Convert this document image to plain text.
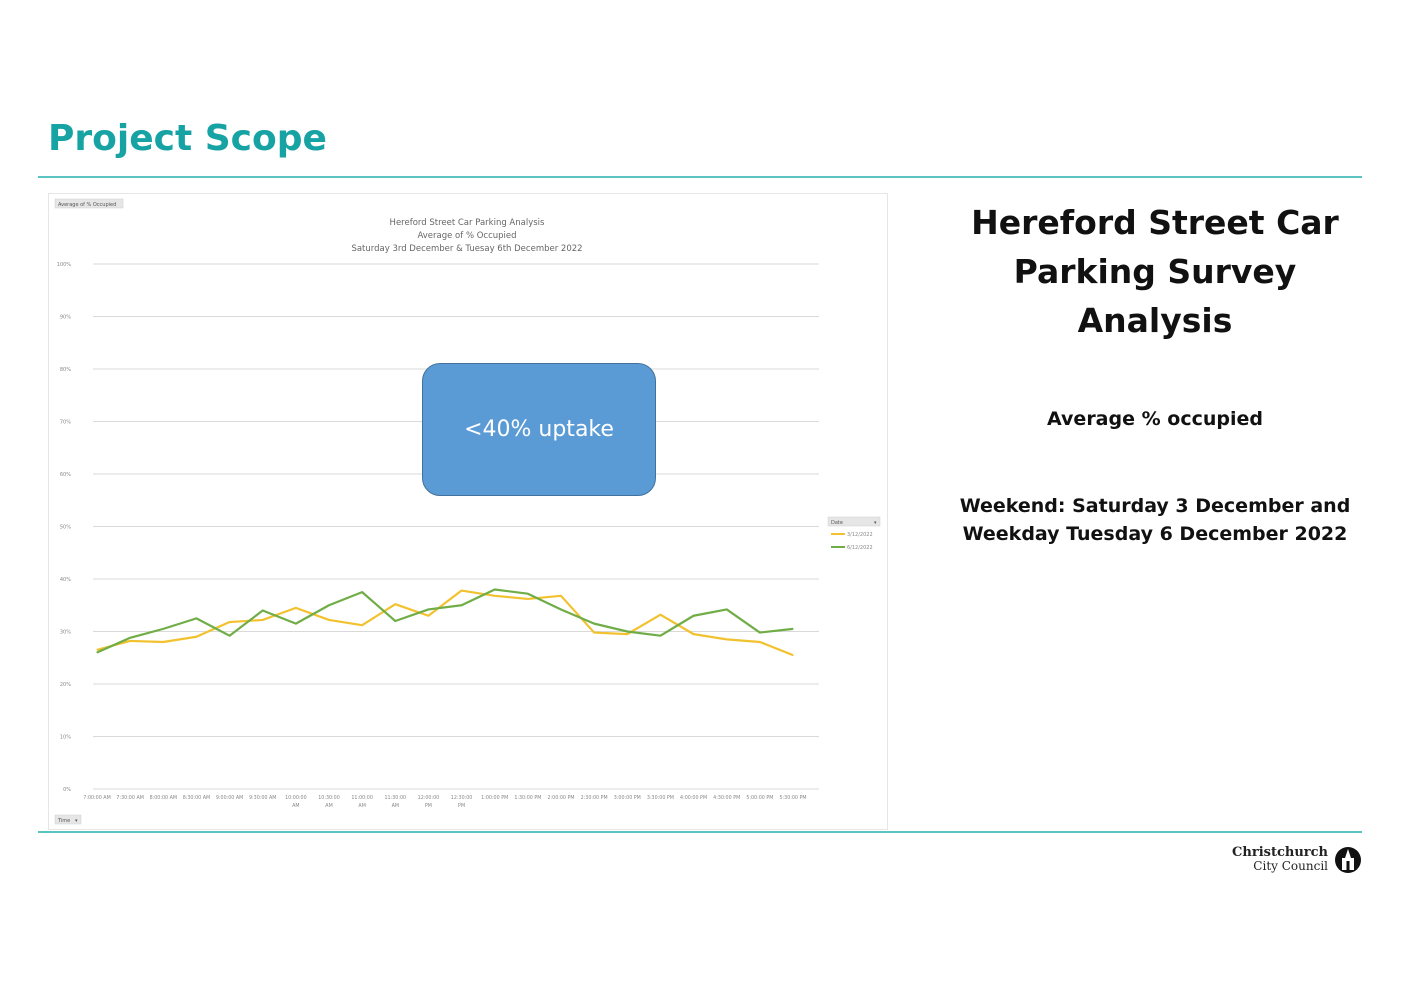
Project Scope
Average of % Occupied
Hereford Street Car Parking Analysis
Average of % Occupied
Saturday 3rd December & Tuesay 6th December 2022
0%
10%
20%
30%
40%
50%
60%
70%
80%
90%
100%
7:00:00 AM 7:30:00 AM 8:00:00 AM 8:30:00 AM 9:00:00 AM 9:30:00 AM 10:00:00
AM
10:30:00
AM
11:00:00
AM
11:30:00
AM
12:00:00
PM
12:30:00
PM
1:00:00 PM 1:30:00 PM 2:00:00 PM 2:30:00 PM 3:00:00 PM 3:30:00 PM 4:00:00 PM 4:30:00 PM 5:00:00 PM 5:30:00 PM
Date	▾
3/12/2022
6/12/2022
Time ▾
<40% uptake
Hereford Street Car
Parking Survey
Analysis
Average % occupied
Weekend: Saturday 3 December and
Weekday Tuesday 6 December 2022
Christchurch
City Council
